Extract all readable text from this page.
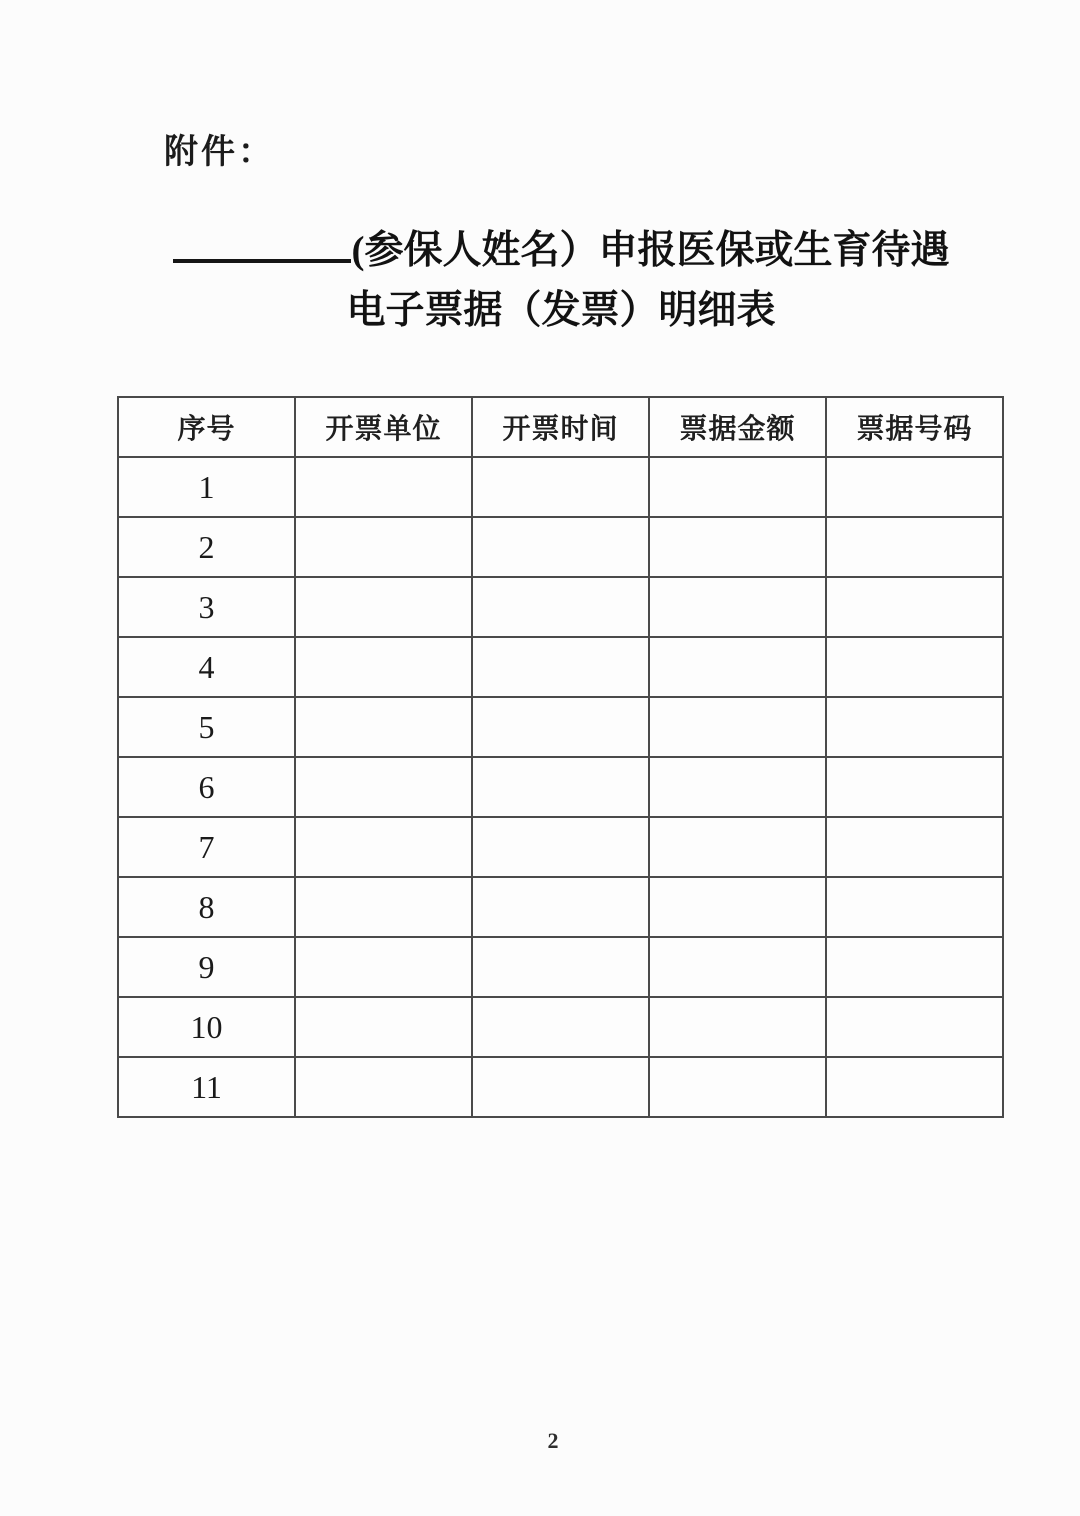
附件：
(参保人姓名）申报医保或生育待遇
电子票据（发票）明细表
序号	开票单位	开票时间	票据金额	票据号码
1				
2				
3				
4				
5				
6				
7				
8				
9				
10				
11				
2
